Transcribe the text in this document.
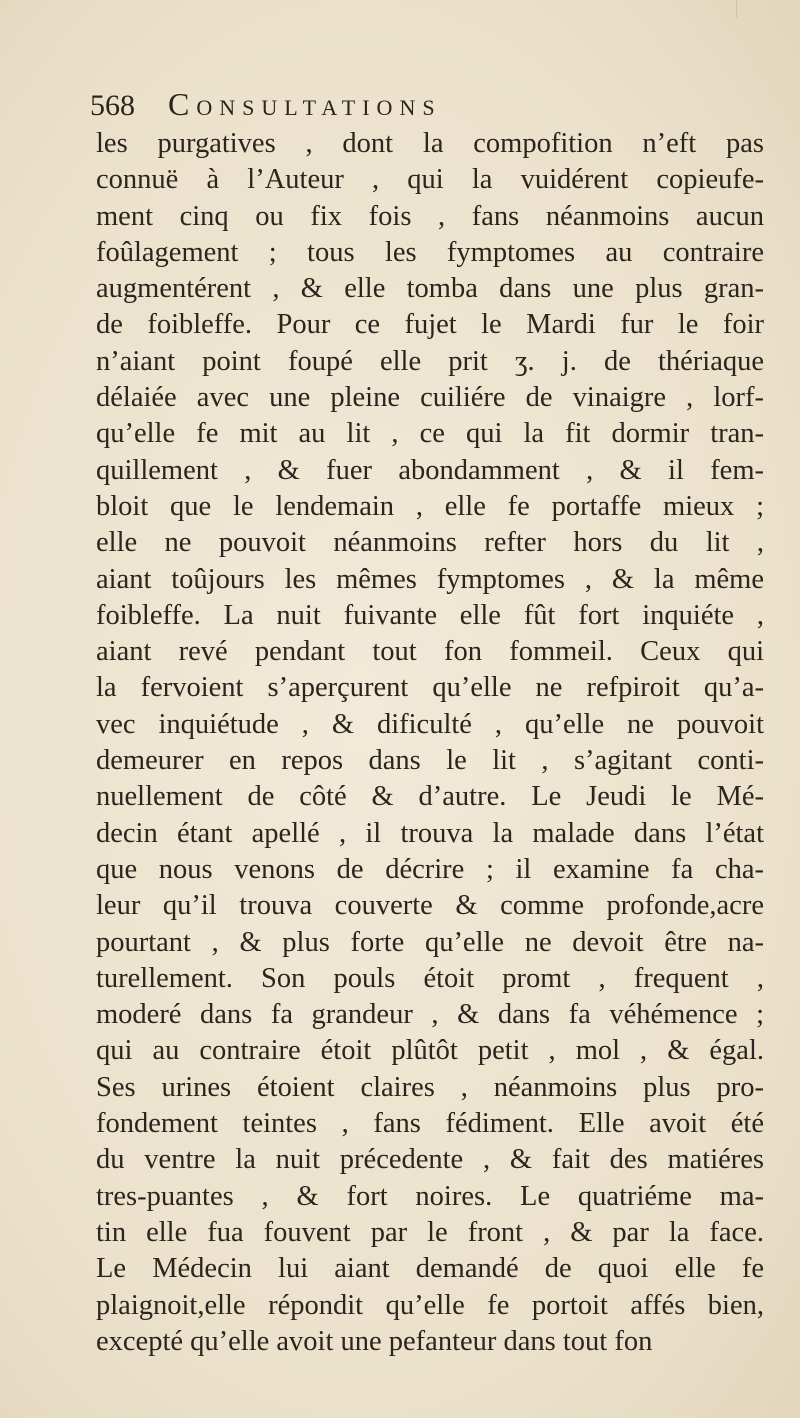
568	Consultations
les purgatives , dont la compofition n’eft pas
connuë à l’Auteur , qui la vuidérent copieufe-
ment cinq ou fix fois , fans néanmoins aucun
foûlagement ; tous les fymptomes au contraire
augmentérent , & elle tomba dans une plus gran-
de foibleffe. Pour ce fujet le Mardi fur le foir
n’aiant point foupé elle prit ʒ. j. de thériaque
délaiée avec une pleine cuiliére de vinaigre , lorf-
qu’elle fe mit au lit , ce qui la fit dormir tran-
quillement , & fuer abondamment , & il fem-
bloit que le lendemain , elle fe portaffe mieux ;
elle ne pouvoit néanmoins refter hors du lit ,
aiant toûjours les mêmes fymptomes , & la même
foibleffe. La nuit fuivante elle fût fort inquiéte ,
aiant revé pendant tout fon fommeil. Ceux qui
la fervoient s’aperçurent qu’elle ne refpiroit qu’a-
vec inquiétude , & dificulté , qu’elle ne pouvoit
demeurer en repos dans le lit , s’agitant conti-
nuellement de côté & d’autre. Le Jeudi le Mé-
decin étant apellé , il trouva la malade dans l’état
que nous venons de décrire ; il examine fa cha-
leur qu’il trouva couverte & comme profonde,acre
pourtant , & plus forte qu’elle ne devoit être na-
turellement. Son pouls étoit promt , frequent ,
moderé dans fa grandeur , & dans fa véhémence ;
qui au contraire étoit plûtôt petit , mol , & égal.
Ses urines étoient claires , néanmoins plus pro-
fondement teintes , fans fédiment. Elle avoit été
du ventre la nuit précedente , & fait des matiéres
tres-puantes , & fort noires. Le quatriéme ma-
tin elle fua fouvent par le front , & par la face.
Le Médecin lui aiant demandé de quoi elle fe
plaignoit,elle répondit qu’elle fe portoit affés bien,
excepté qu’elle avoit une pefanteur dans tout fon
